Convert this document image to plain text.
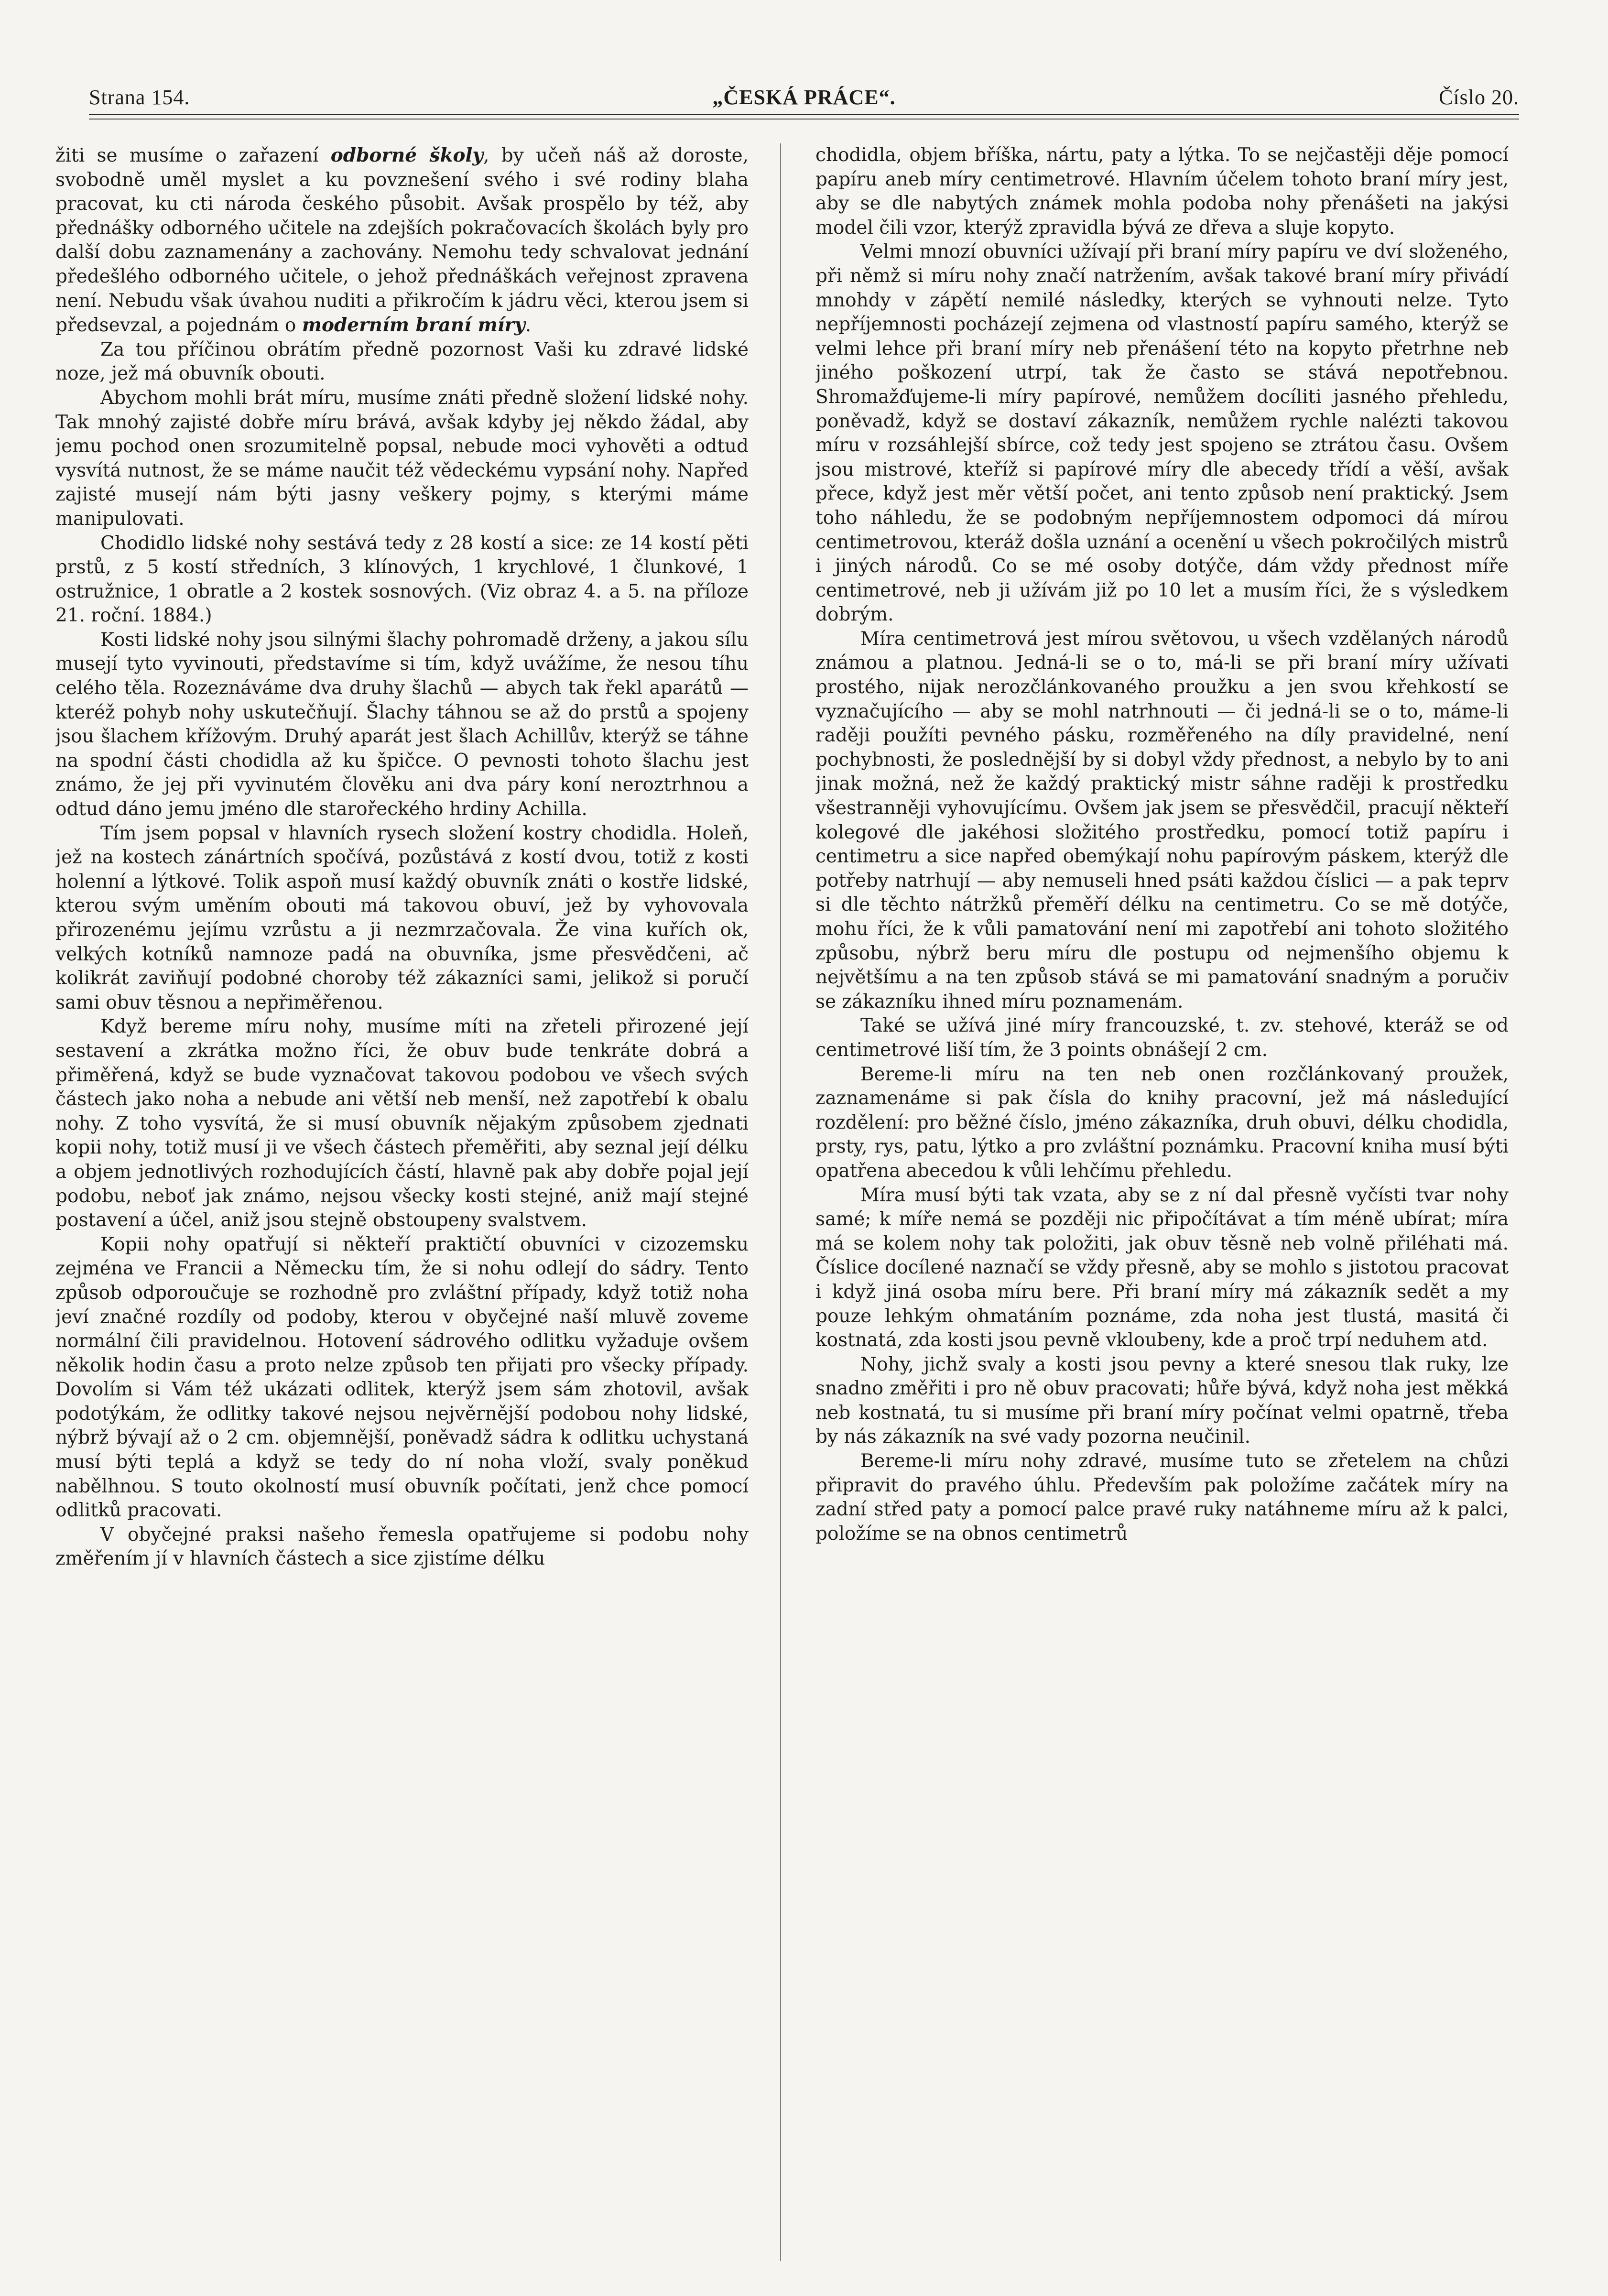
Strana 154.	„ČESKÁ PRÁCE“.	Číslo 20.

žiti se musíme o zařazení odborné školy, by učeň náš až doroste, svobodně uměl myslet a ku povznešení svého i své rodiny blaha pracovat, ku cti národa českého působit. Avšak prospělo by též, aby přednášky odborného učitele na zdejších pokračovacích školách byly pro další dobu zaznamenány a zachovány. Nemohu tedy schvalovat jednání předešlého odborného učitele, o jehož přednáškách veřejnost zpravena není. Nebudu však úvahou nuditi a přikročím k jádru věci, kterou jsem si předsevzal, a pojednám o moderním braní míry.

Za tou příčinou obrátím předně pozornost Vaši ku zdravé lidské noze, jež má obuvník obouti.

Abychom mohli brát míru, musíme znáti předně složení lidské nohy. Tak mnohý zajisté dobře míru brává, avšak kdyby jej někdo žádal, aby jemu pochod onen srozumitelně popsal, nebude moci vyhověti a odtud vysvítá nutnost, že se máme naučit též vědeckému vypsání nohy. Napřed zajisté musejí nám býti jasny veškery pojmy, s kterými máme manipulovati.

Chodidlo lidské nohy sestává tedy z 28 kostí a sice: ze 14 kostí pěti prstů, z 5 kostí středních, 3 klínových, 1 krychlové, 1 člunkové, 1 ostružnice, 1 obratle a 2 kostek sosnových. (Viz obraz 4. a 5. na příloze 21. roční. 1884.)

Kosti lidské nohy jsou silnými šlachy pohromadě drženy, a jakou sílu musejí tyto vyvinouti, představíme si tím, když uvážíme, že nesou tíhu celého těla. Rozeznáváme dva druhy šlachů — abych tak řekl aparátů — kteréž pohyb nohy uskutečňují. Šlachy táhnou se až do prstů a spojeny jsou šlachem křížovým. Druhý aparát jest šlach Achillův, kterýž se táhne na spodní části chodidla až ku špičce. O pevnosti tohoto šlachu jest známo, že jej při vyvinutém člověku ani dva páry koní neroztrhnou a odtud dáno jemu jméno dle starořeckého hrdiny Achilla.

Tím jsem popsal v hlavních rysech složení kostry chodidla. Holeň, jež na kostech zánártních spočívá, pozůstává z kostí dvou, totiž z kosti holenní a lýtkové. Tolik aspoň musí každý obuvník znáti o kostře lidské, kterou svým uměním obouti má takovou obuví, jež by vyhovovala přirozenému jejímu vzrůstu a ji nezmrzačovala. Že vina kuřích ok, velkých kotníků namnoze padá na obuvníka, jsme přesvědčeni, ač kolikrát zaviňují podobné choroby též zákazníci sami, jelikož si poručí sami obuv těsnou a nepřiměřenou.

Když bereme míru nohy, musíme míti na zřeteli přirozené její sestavení a zkrátka možno říci, že obuv bude tenkráte dobrá a přiměřená, když se bude vyznačovat takovou podobou ve všech svých částech jako noha a nebude ani větší neb menší, než zapotřebí k obalu nohy. Z toho vysvítá, že si musí obuvník nějakým způsobem zjednati kopii nohy, totiž musí ji ve všech částech přeměřiti, aby seznal její délku a objem jednotlivých rozhodujících částí, hlavně pak aby dobře pojal její podobu, neboť jak známo, nejsou všecky kosti stejné, aniž mají stejné postavení a účel, aniž jsou stejně obstoupeny svalstvem.

Kopii nohy opatřují si někteří praktičtí obuvníci v cizozemsku zejména ve Francii a Německu tím, že si nohu odlejí do sádry. Tento způsob odporoučuje se rozhodně pro zvláštní případy, když totiž noha jeví značné rozdíly od podoby, kterou v obyčejné naší mluvě zoveme normální čili pravidelnou. Hotovení sádrového odlitku vyžaduje ovšem několik hodin času a proto nelze způsob ten přijati pro všecky případy. Dovolím si Vám též ukázati odlitek, kterýž jsem sám zhotovil, avšak podotýkám, že odlitky takové nejsou nejvěrnější podobou nohy lidské, nýbrž bývají až o 2 cm. objemnější, poněvadž sádra k odlitku uchystaná musí býti teplá a když se tedy do ní noha vloží, svaly poněkud nabělhnou. S touto okolností musí obuvník počítati, jenž chce pomocí odlitků pracovati.

V obyčejné praksi našeho řemesla opatřujeme si podobu nohy změřením jí v hlavních částech a sice zjistíme délku

chodidla, objem bříška, nártu, paty a lýtka. To se nejčastěji děje pomocí papíru aneb míry centimetrové. Hlavním účelem tohoto braní míry jest, aby se dle nabytých známek mohla podoba nohy přenášeti na jakýsi model čili vzor, kterýž zpravidla bývá ze dřeva a sluje kopyto.

Velmi mnozí obuvníci užívají při braní míry papíru ve dví složeného, při němž si míru nohy značí natržením, avšak takové braní míry přivádí mnohdy v zápětí nemilé následky, kterých se vyhnouti nelze. Tyto nepříjemnosti pocházejí zejmena od vlastností papíru samého, kterýž se velmi lehce při braní míry neb přenášení této na kopyto přetrhne neb jiného poškození utrpí, tak že často se stává nepotřebnou. Shromažďujeme-li míry papírové, nemůžem docíliti jasného přehledu, poněvadž, když se dostaví zákazník, nemůžem rychle nalézti takovou míru v rozsáhlejší sbírce, což tedy jest spojeno se ztrátou času. Ovšem jsou mistrové, kteříž si papírové míry dle abecedy třídí a věší, avšak přece, když jest měr větší počet, ani tento způsob není praktický. Jsem toho náhledu, že se podobným nepříjemnostem odpomoci dá mírou centimetrovou, kteráž došla uznání a ocenění u všech pokročilých mistrů i jiných národů. Co se mé osoby dotýče, dám vždy přednost míře centimetrové, neb ji užívám již po 10 let a musím říci, že s výsledkem dobrým.

Míra centimetrová jest mírou světovou, u všech vzdělaných národů známou a platnou. Jedná-li se o to, má-li se při braní míry užívati prostého, nijak nerozčlánkovaného proužku a jen svou křehkostí se vyznačujícího — aby se mohl natrhnouti — či jedná-li se o to, máme-li raději použíti pevného pásku, rozměřeného na díly pravidelné, není pochybnosti, že poslednější by si dobyl vždy přednost, a nebylo by to ani jinak možná, než že každý praktický mistr sáhne raději k prostředku všestranněji vyhovujícímu. Ovšem jak jsem se přesvědčil, pracují někteří kolegové dle jakéhosi složitého prostředku, pomocí totiž papíru i centimetru a sice napřed obemýkají nohu papírovým páskem, kterýž dle potřeby natrhují — aby nemuseli hned psáti každou číslici — a pak teprv si dle těchto nátržků přeměří délku na centimetru. Co se mě dotýče, mohu říci, že k vůli pamatování není mi zapotřebí ani tohoto složitého způsobu, nýbrž beru míru dle postupu od nejmenšího objemu k největšímu a na ten způsob stává se mi pamatování snadným a poručiv se zákazníku ihned míru poznamenám.

Také se užívá jiné míry francouzské, t. zv. stehové, kteráž se od centimetrové liší tím, že 3 points obnášejí 2 cm.

Bereme-li míru na ten neb onen rozčlánkovaný proužek, zaznamenáme si pak čísla do knihy pracovní, jež má následující rozdělení: pro běžné číslo, jméno zákazníka, druh obuvi, délku chodidla, prsty, rys, patu, lýtko a pro zvláštní poznámku. Pracovní kniha musí býti opatřena abecedou k vůli lehčímu přehledu.

Míra musí býti tak vzata, aby se z ní dal přesně vyčísti tvar nohy samé; k míře nemá se později nic připočítávat a tím méně ubírat; míra má se kolem nohy tak položiti, jak obuv těsně neb volně přiléhati má. Číslice docílené naznačí se vždy přesně, aby se mohlo s jistotou pracovat i když jiná osoba míru bere. Při braní míry má zákazník sedět a my pouze lehkým ohmatáním poznáme, zda noha jest tlustá, masitá či kostnatá, zda kosti jsou pevně vkloubeny, kde a proč trpí neduhem atd.

Nohy, jichž svaly a kosti jsou pevny a které snesou tlak ruky, lze snadno změřiti i pro ně obuv pracovati; hůře bývá, když noha jest měkká neb kostnatá, tu si musíme při braní míry počínat velmi opatrně, třeba by nás zákazník na své vady pozorna neučinil.

Bereme-li míru nohy zdravé, musíme tuto se zřetelem na chůzi připravit do pravého úhlu. Především pak položíme začátek míry na zadní střed paty a pomocí palce pravé ruky natáhneme míru až k palci, položíme se na obnos centimetrů
